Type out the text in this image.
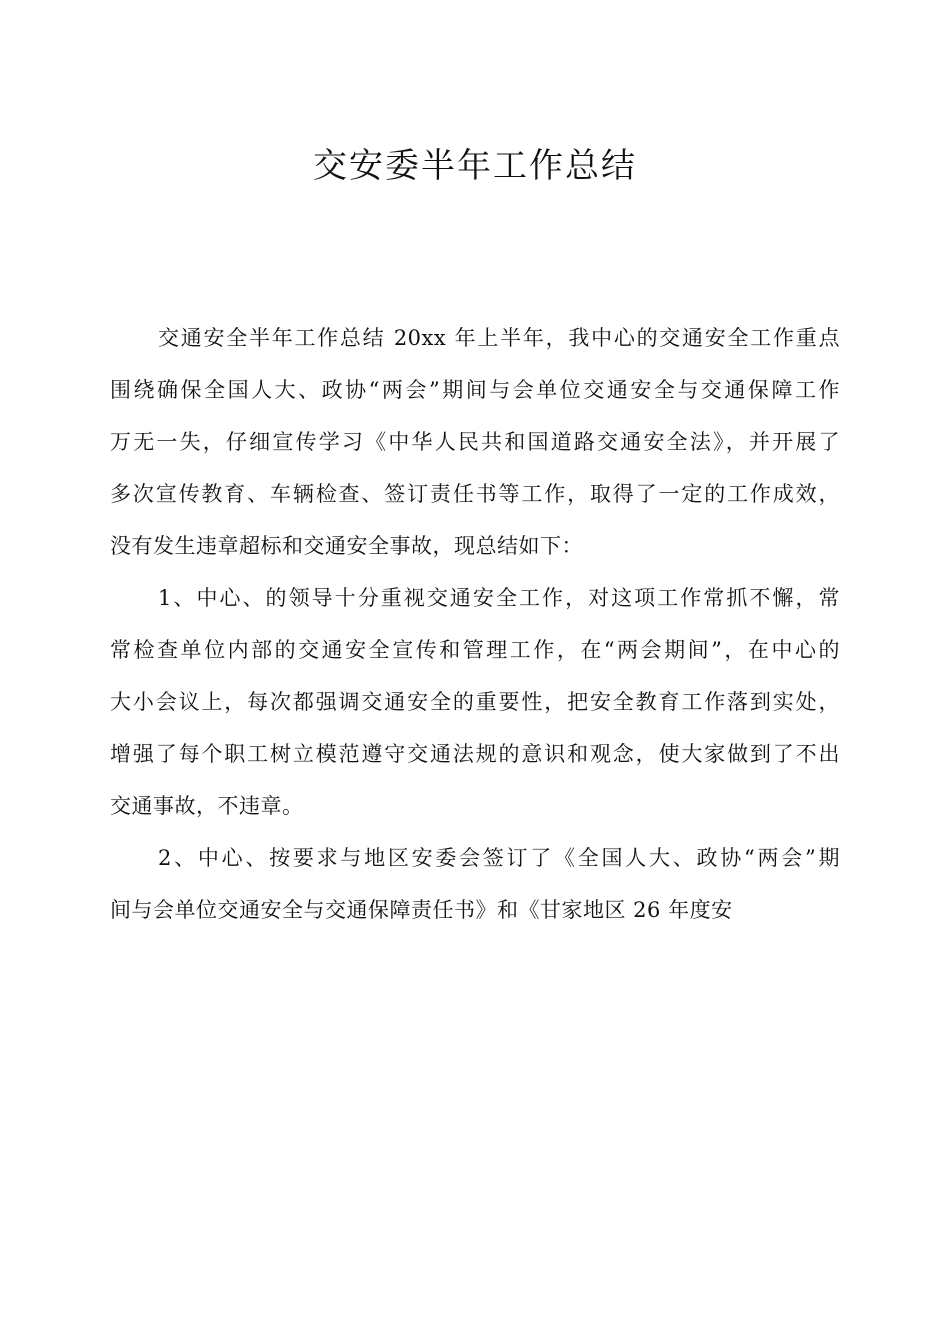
交安委半年工作总结
交通安全半年工作总结 20xx 年上半年，我中心的交通安全工作重点
围绕确保全国人大、政协“两会”期间与会单位交通安全与交通保障工作
万无一失，仔细宣传学习《中华人民共和国道路交通安全法》，并开展了
多次宣传教育、车辆检查、签订责任书等工作，取得了一定的工作成效，
没有发生违章超标和交通安全事故，现总结如下：
1、中心、的领导十分重视交通安全工作，对这项工作常抓不懈，常
常检查单位内部的交通安全宣传和管理工作，在“两会期间”，在中心的
大小会议上，每次都强调交通安全的重要性，把安全教育工作落到实处，
增强了每个职工树立模范遵守交通法规的意识和观念，使大家做到了不出
交通事故，不违章。
2、中心、按要求与地区安委会签订了《全国人大、政协“两会”期
间与会单位交通安全与交通保障责任书》和《甘家地区 26 年度安
